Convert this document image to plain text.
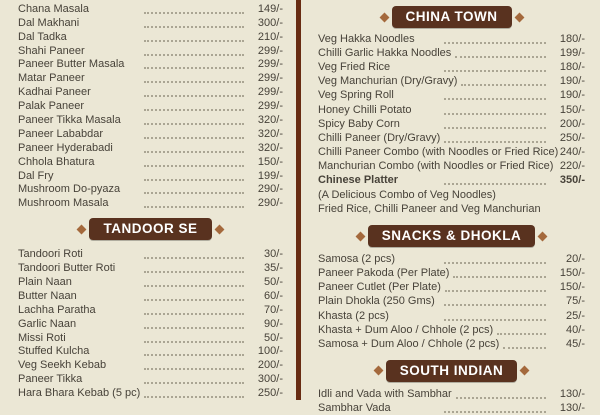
Chana Masala	149/-
Dal Makhani	300/-
Dal Tadka	210/-
Shahi Paneer	299/-
Paneer Butter Masala	299/-
Matar Paneer	299/-
Kadhai Paneer	299/-
Palak Paneer	299/-
Paneer Tikka Masala	320/-
Paneer Lababdar	320/-
Paneer Hyderabadi	320/-
Chhola Bhatura	150/-
Dal Fry	199/-
Mushroom Do-pyaza	290/-
Mushroom Masala	290/-
TANDOOR SE
Tandoori Roti	30/-
Tandoori Butter Roti	35/-
Plain Naan	50/-
Butter Naan	60/-
Lachha Paratha	70/-
Garlic Naan	90/-
Missi Roti	50/-
Stuffed Kulcha	100/-
Veg Seekh Kebab	200/-
Paneer Tikka	300/-
Hara Bhara Kebab (5 pc)	250/-
CHINA TOWN
Veg Hakka Noodles	180/-
Chilli Garlic Hakka Noodles	199/-
Veg Fried Rice	180/-
Veg Manchurian (Dry/Gravy)	190/-
Veg Spring Roll	190/-
Honey Chilli Potato	150/-
Spicy Baby Corn	200/-
Chilli Paneer (Dry/Gravy)	250/-
Chilli Paneer Combo (with Noodles or Fried Rice) 240/-
Manchurian Combo (with Noodles or Fried Rice) 220/-
Chinese Platter	350/-
(A Delicious Combo of Veg Noodles)
Fried Rice, Chilli Paneer and Veg Manchurian
SNACKS & DHOKLA
Samosa (2 pcs)	20/-
Paneer Pakoda (Per Plate)	150/-
Paneer Cutlet (Per Plate)	150/-
Plain Dhokla (250 Gms)	75/-
Khasta (2 pcs)	25/-
Khasta + Dum Aloo / Chhole (2 pcs)	40/-
Samosa + Dum Aloo / Chhole (2 pcs)	45/-
SOUTH INDIAN
Idli and Vada with Sambhar	130/-
Sambhar Vada	130/-
